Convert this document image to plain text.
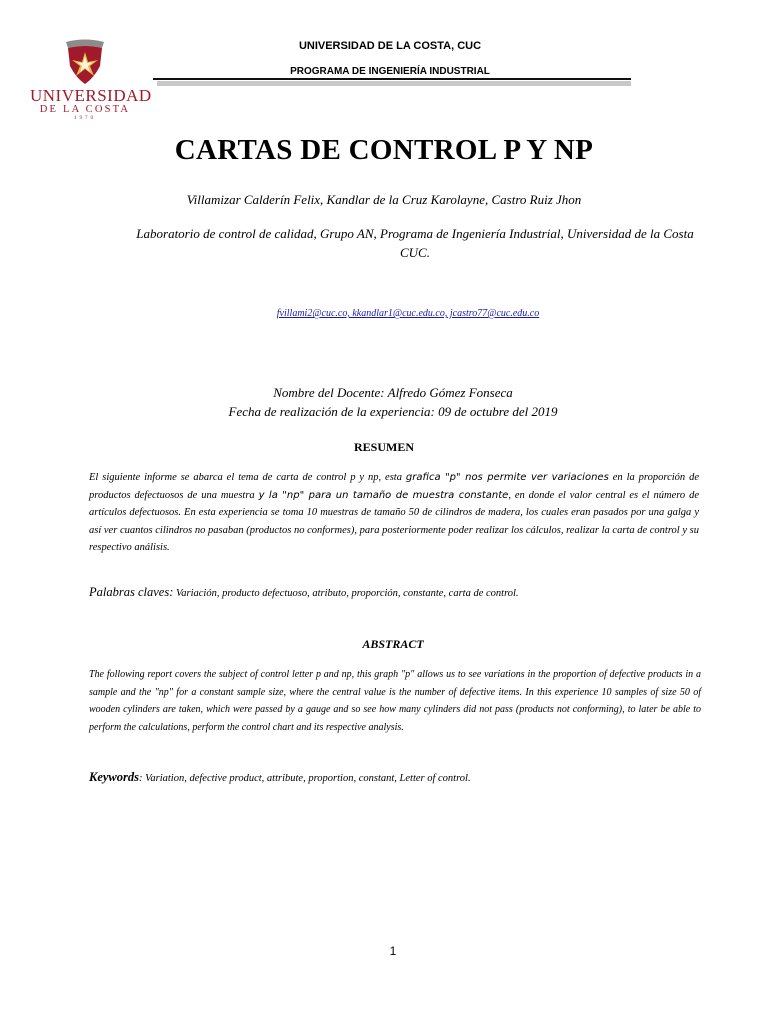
UNIVERSIDAD
DE LA COSTA
1970
UNIVERSIDAD DE LA COSTA, CUC
PROGRAMA DE INGENIERÍA INDUSTRIAL
CARTAS DE CONTROL P Y NP
Villamizar Calderín Felix, Kandlar de la Cruz Karolayne, Castro Ruiz Jhon
Laboratorio de control de calidad, Grupo AN, Programa de Ingeniería Industrial, Universidad de la Costa CUC.
fvillami2@cuc.co, kkandlar1@cuc.edu.co, jcastro77@cuc.edu.co
Nombre del Docente: Alfredo Gómez Fonseca
Fecha de realización de la experiencia: 09 de octubre del 2019
RESUMEN
El siguiente informe se abarca el tema de carta de control p y np, esta grafica "p" nos permite ver variaciones en la proporción de productos defectuosos de una muestra y la "np" para un tamaño de muestra constante, en donde el valor central es el número de artículos defectuosos. En esta experiencia se toma 10 muestras de tamaño 50 de cilindros de madera, los cuales eran pasados por una galga y así ver cuantos cilindros no pasaban (productos no conformes), para posteriormente poder realizar los cálculos, realizar la carta de control y su respectivo análisis.
Palabras claves: Variación, producto defectuoso, atributo, proporción, constante, carta de control.
ABSTRACT
The following report covers the subject of control letter p and np, this graph "p" allows us to see variations in the proportion of defective products in a sample and the "np" for a constant sample size, where the central value is the number of defective items. In this experience 10 samples of size 50 of wooden cylinders are taken, which were passed by a gauge and so see how many cylinders did not pass (products not conforming), to later be able to perform the calculations, perform the control chart and its respective analysis.
Keywords: Variation, defective product, attribute, proportion, constant, Letter of control.
1
